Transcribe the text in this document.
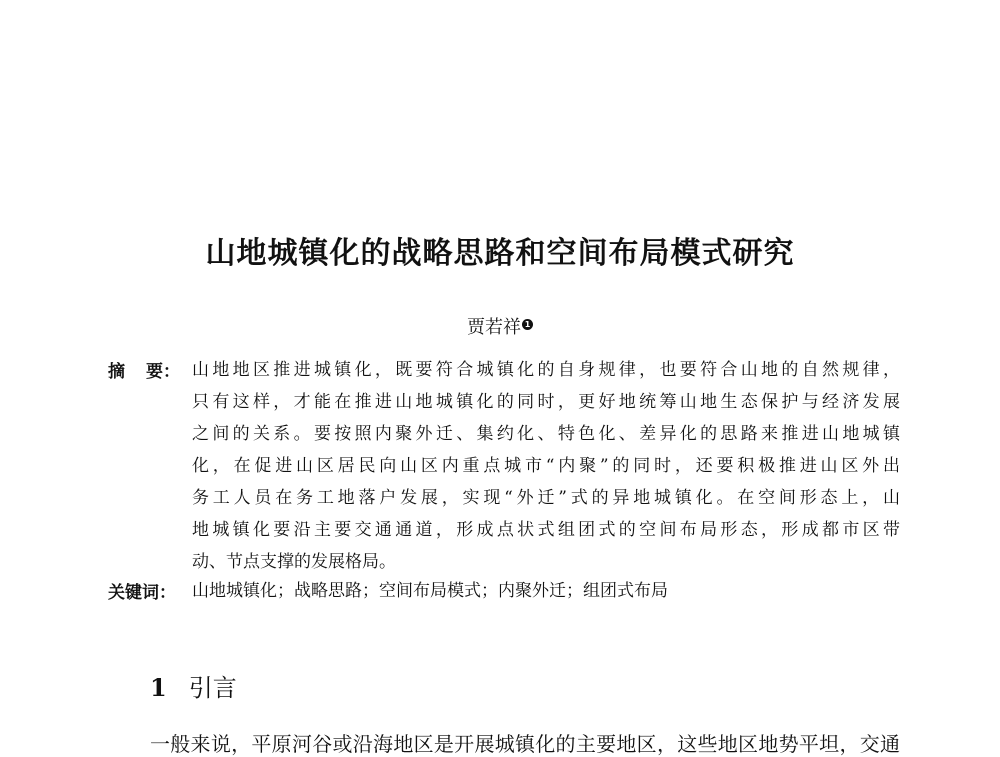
山地城镇化的战略思路和空间布局模式研究
贾若祥 1
摘 要： 山地地区推进城镇化，既要符合城镇化的自身规律，也要符合山地的自然规律，
只有这样，才能在推进山地城镇化的同时，更好地统筹山地生态保护与经济发展
之间的关系。要按照内聚外迁、集约化、特色化、差异化的思路来推进山地城镇
化，在促进山区居民向山区内重点城市“内聚”的同时，还要积极推进山区外出
务工人员在务工地落户发展，实现“外迁”式的异地城镇化。在空间形态上，山
地城镇化要沿主要交通通道，形成点状式组团式的空间布局形态，形成都市区带
动、节点支撑的发展格局。
关键词： 山地城镇化；战略思路；空间布局模式；内聚外迁；组团式布局
1 引言
一般来说，平原河谷或沿海地区是开展城镇化的主要地区，这些地区地势平坦，交通
